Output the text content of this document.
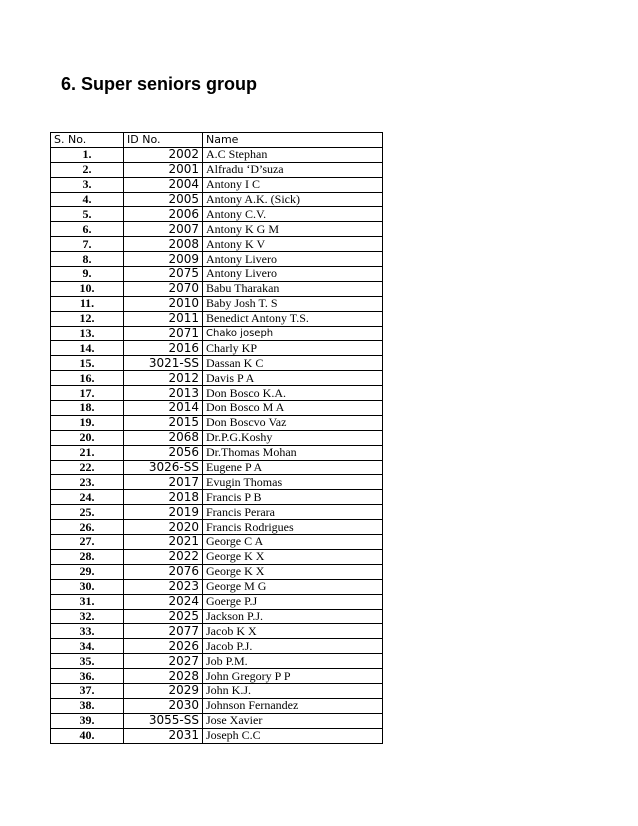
6. Super seniors group
S. No.	ID No.	Name
1.	2002	A.C Stephan
2.	2001	Alfradu ‘D’suza
3.	2004	Antony I C
4.	2005	Antony A.K. (Sick)
5.	2006	Antony C.V.
6.	2007	Antony K G M
7.	2008	Antony K V
8.	2009	Antony Livero
9.	2075	Antony Livero
10.	2070	Babu Tharakan
11.	2010	Baby Josh T. S
12.	2011	Benedict Antony T.S.
13.	2071	Chako joseph
14.	2016	Charly KP
15.	3021-SS	Dassan K C
16.	2012	Davis P A
17.	2013	Don Bosco K.A.
18.	2014	Don Bosco M A
19.	2015	Don Boscvo Vaz
20.	2068	Dr.P.G.Koshy
21.	2056	Dr.Thomas Mohan
22.	3026-SS	Eugene P A
23.	2017	Evugin Thomas
24.	2018	Francis P B
25.	2019	Francis Perara
26.	2020	Francis Rodrigues
27.	2021	George C A
28.	2022	George K X
29.	2076	George K X
30.	2023	George M G
31.	2024	Goerge P.J
32.	2025	Jackson P.J.
33.	2077	Jacob K X
34.	2026	Jacob P.J.
35.	2027	Job P.M.
36.	2028	John Gregory P P
37.	2029	John K.J.
38.	2030	Johnson Fernandez
39.	3055-SS	Jose Xavier
40.	2031	Joseph C.C
